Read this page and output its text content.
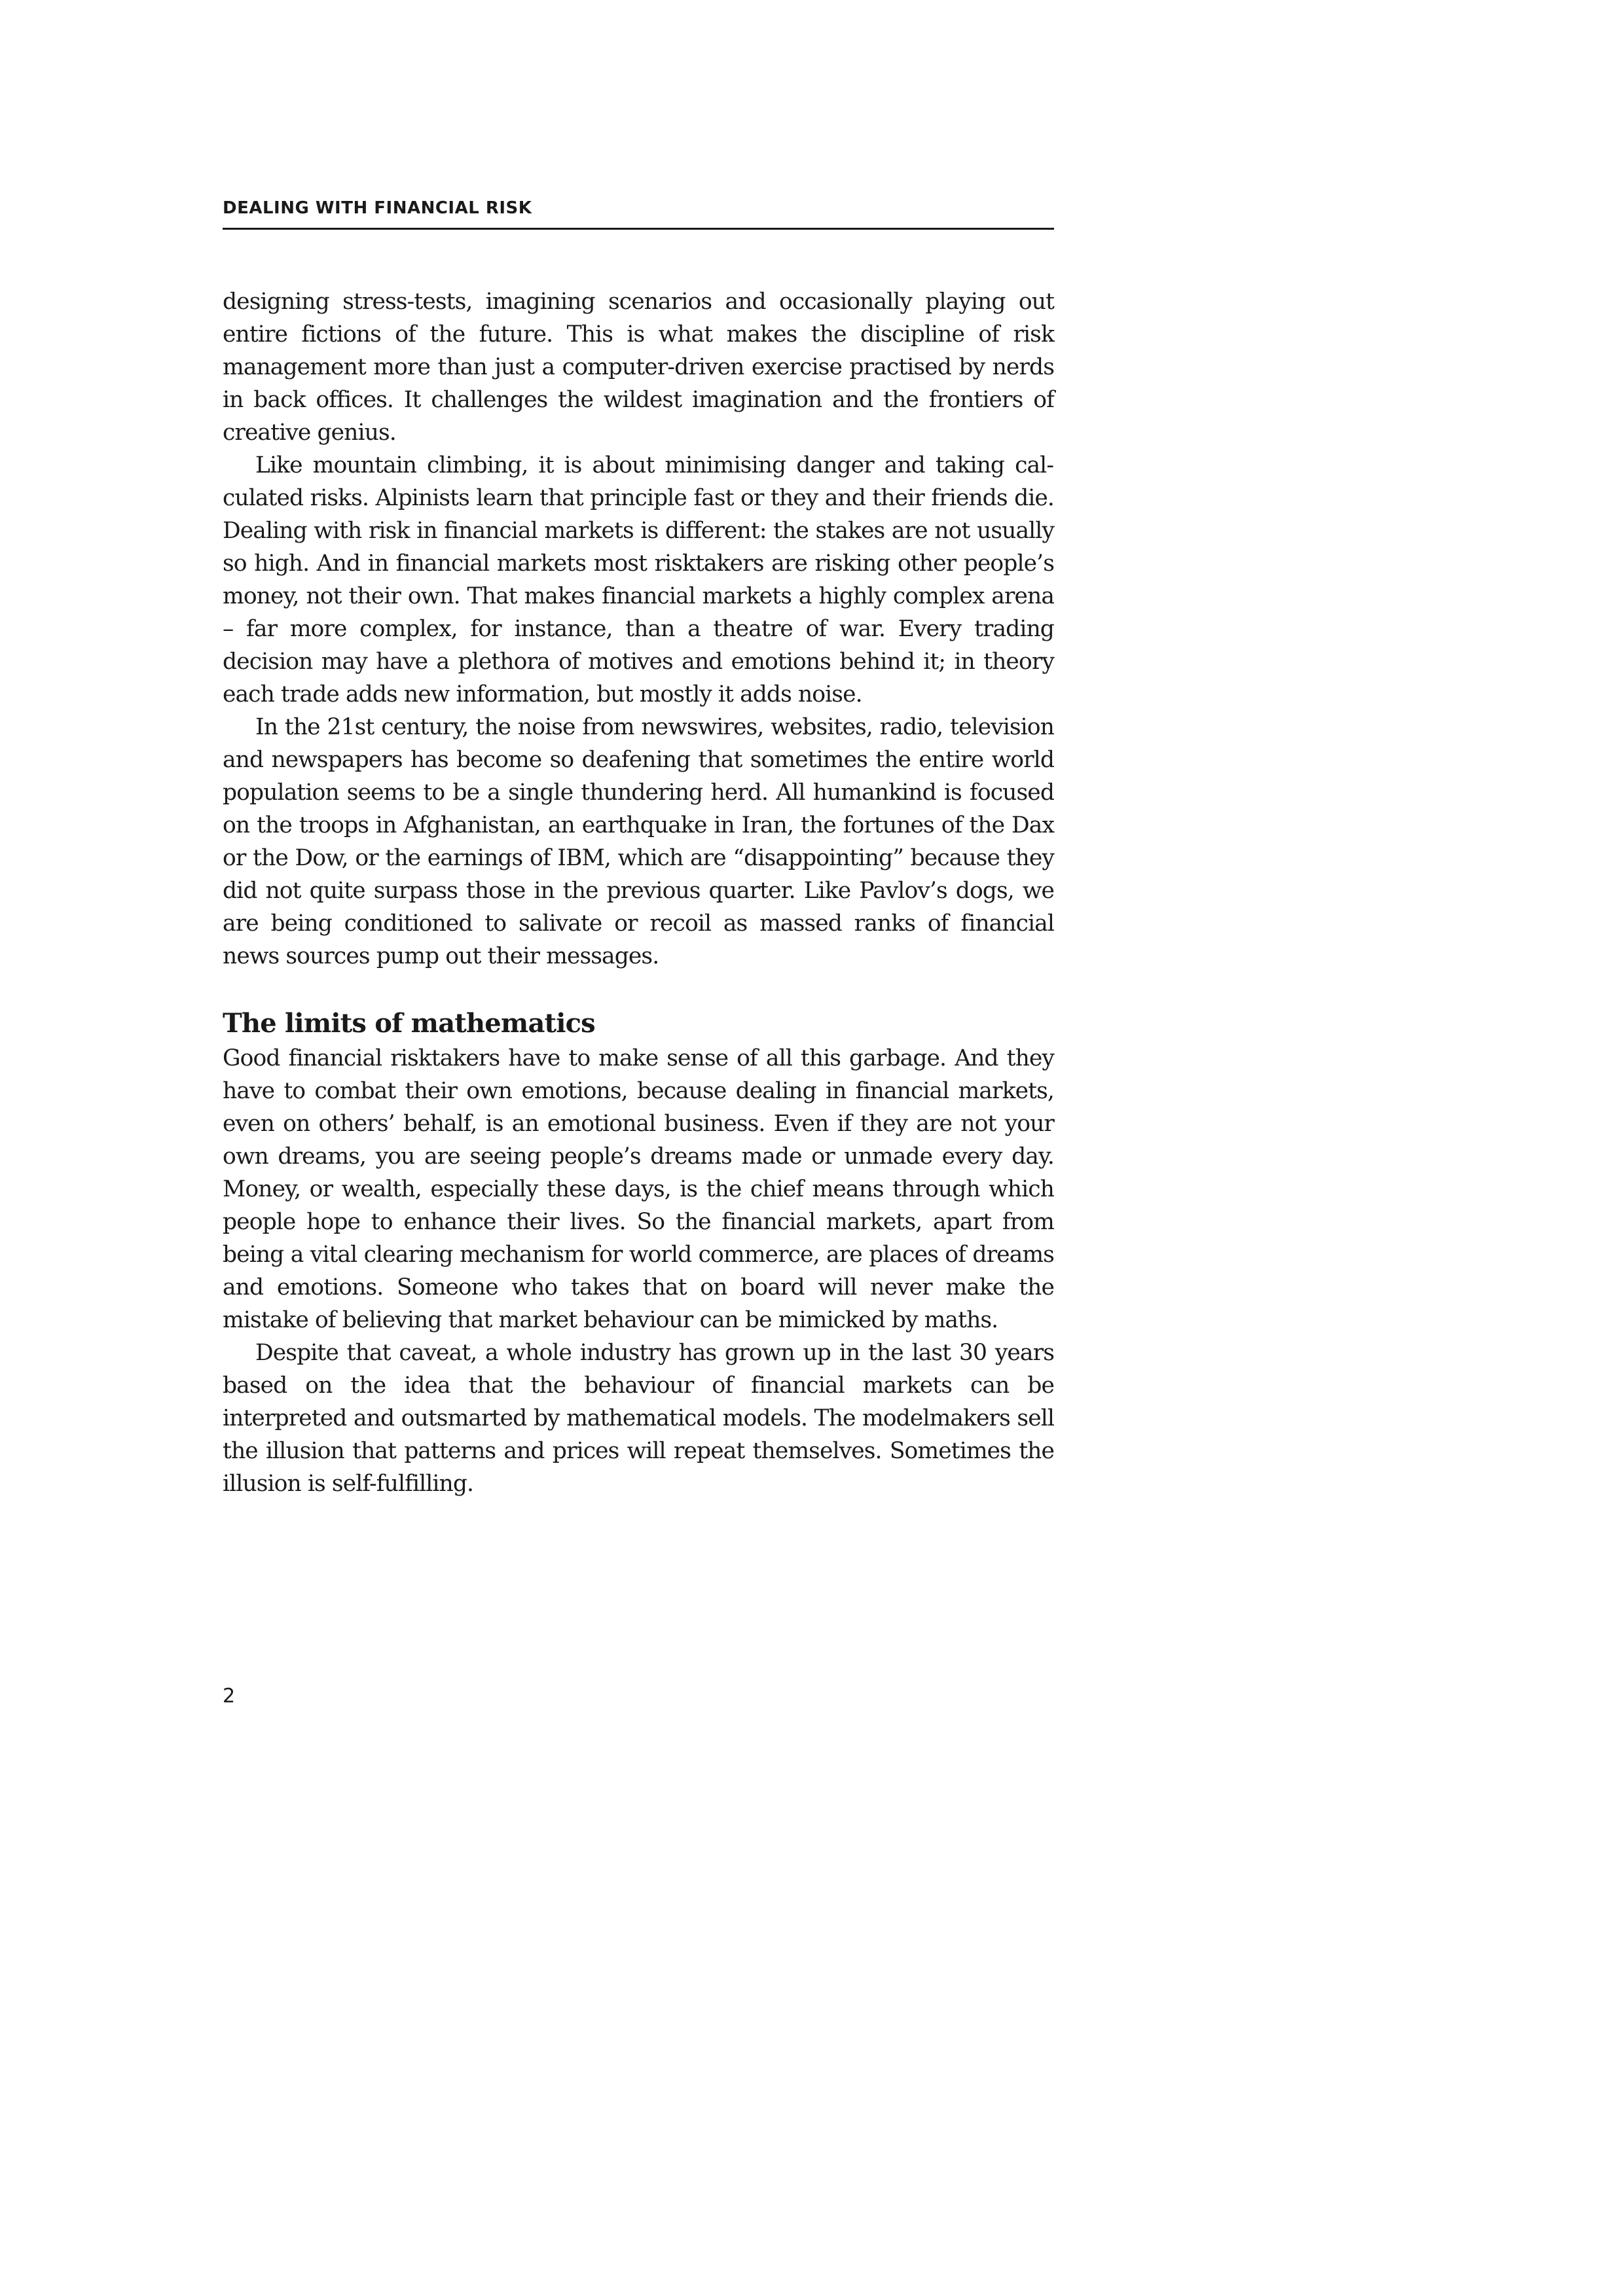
DEALING WITH FINANCIAL RISK

designing stress-tests, imagining scenarios and occasionally playing out entire fictions of the future. This is what makes the discipline of risk management more than just a computer-driven exercise practised by nerds in back offices. It challenges the wildest imagination and the frontiers of creative genius.

Like mountain climbing, it is about minimising danger and taking calculated risks. Alpinists learn that principle fast or they and their friends die. Dealing with risk in financial markets is different: the stakes are not usually so high. And in financial markets most risktakers are risking other people’s money, not their own. That makes financial markets a highly complex arena – far more complex, for instance, than a theatre of war. Every trading decision may have a plethora of motives and emotions behind it; in theory each trade adds new information, but mostly it adds noise.

In the 21st century, the noise from newswires, websites, radio, television and newspapers has become so deafening that sometimes the entire world population seems to be a single thundering herd. All humankind is focused on the troops in Afghanistan, an earthquake in Iran, the fortunes of the Dax or the Dow, or the earnings of IBM, which are “disappointing” because they did not quite surpass those in the previous quarter. Like Pavlov’s dogs, we are being conditioned to salivate or recoil as massed ranks of financial news sources pump out their messages.

The limits of mathematics

Good financial risktakers have to make sense of all this garbage. And they have to combat their own emotions, because dealing in financial markets, even on others’ behalf, is an emotional business. Even if they are not your own dreams, you are seeing people’s dreams made or unmade every day. Money, or wealth, especially these days, is the chief means through which people hope to enhance their lives. So the financial markets, apart from being a vital clearing mechanism for world commerce, are places of dreams and emotions. Someone who takes that on board will never make the mistake of believing that market behaviour can be mimicked by maths.

Despite that caveat, a whole industry has grown up in the last 30 years based on the idea that the behaviour of financial markets can be interpreted and outsmarted by mathematical models. The modelmakers sell the illusion that patterns and prices will repeat themselves. Sometimes the illusion is self-fulfilling.

2
